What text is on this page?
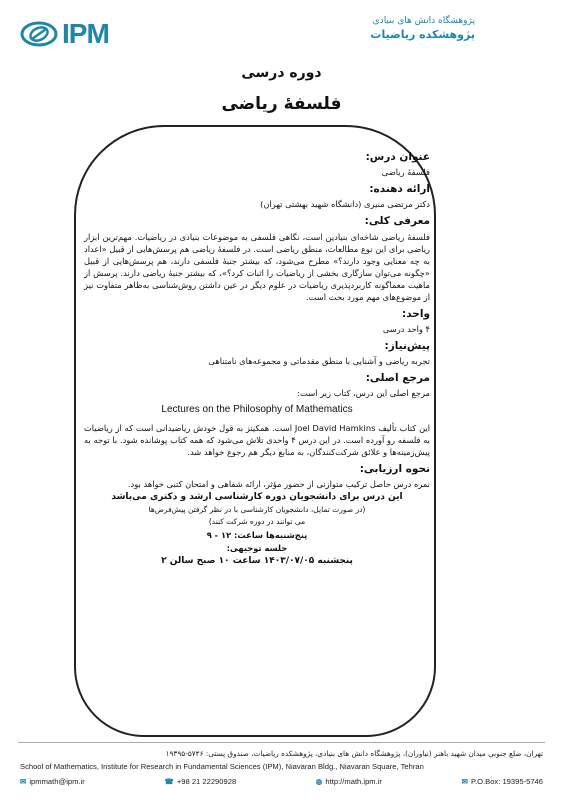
IPM	پژوهشگاه دانش های بنیادی
پژوهشکده ریاضیات
دوره درسی
فلسفهٔ ریاضی
عنوان درس:
فلسفهٔ ریاضی
ارائه دهنده:
دکتر مرتضی منیری (دانشگاه شهید بهشتی تهران)
معرفی کلی:
فلسفهٔ ریاضی شاخه‌ای بنیادین است، نگاهی فلسفی به موضوعات بنیادی در ریاضیات. مهم‌ترین ابزار ریاضی برای این نوع مطالعات، منطق ریاضی است. در فلسفهٔ ریاضی هم پرسش‌هایی از قبیل «اعداد به چه معنایی وجود دارند؟» مطرح می‌شود، که بیشتر جنبهٔ فلسفی دارند، هم پرسش‌هایی از قبیل «چگونه می‌توان سازگاری بخشی از ریاضیات را اثبات کرد؟»، که بیشتر جنبهٔ ریاضی دارند. پرسش از ماهیت معماگونه کاربردپذیری ریاضیات در علوم دیگر در عین داشتن روش‌شناسی به‌ظاهر متفاوت نیز از موضوع‌های مهم مورد بحث است.
واحد:
۴ واحد درسی
پیش‌نیاز:
تجربه ریاضی و آشنایی با منطق مقدماتی و مجموعه‌های نامتناهی
مرجع اصلی:
مرجع اصلی این درس، کتاب زیر است:
Lectures on the Philosophy of Mathematics
این کتاب تألیف Joel David Hamkins است. همکینز به قول خودش ریاضیدانی است که از ریاضیات به فلسفه رو آورده است. در این درس ۴ واحدی تلاش می‌شود که همه کتاب پوشانده شود. با توجه به پیش‌زمینه‌ها و علائق شرکت‌کنندگان، به منابع دیگر هم رجوع خواهد شد.
نحوه ارزیابی:
نمره درس حاصل ترکیب متوازنی از حضور مؤثر، ارائه شفاهی و امتحان کتبی خواهد بود.
این درس برای دانشجویان دوره کارشناسی ارشد و دکتری می‌باشد
(در صورت تمایل، دانشجویان کارشناسی با در نظر گرفتن پیش‌فرض‌ها
می توانند در دوره شرکت کنند)
پنج‌شنبه‌ها ساعت: ۱۲ - ۹
جلسه توجیهی:
پنجشنبه ۱۴۰۳/۰۷/۰۵ ساعت ۱۰ صبح سالن ۲
تهران، ضلع جنوبی میدان شهید باهنر (نیاوران)، پژوهشگاه دانش های بنیادی، پژوهشکده ریاضیات، صندوق پستی: ۵۷۴۶-۱۹۳۹۵
School of Mathematics, Institute for Research in Fundamental Sciences (IPM), Niavaran Bldg., Niavaran Square, Tehran
✉ ipmmath@ipm.ir	☎ +98 21 22290928	◍ http://math.ipm.ir	✉ P.O.Box: 19395-5746
